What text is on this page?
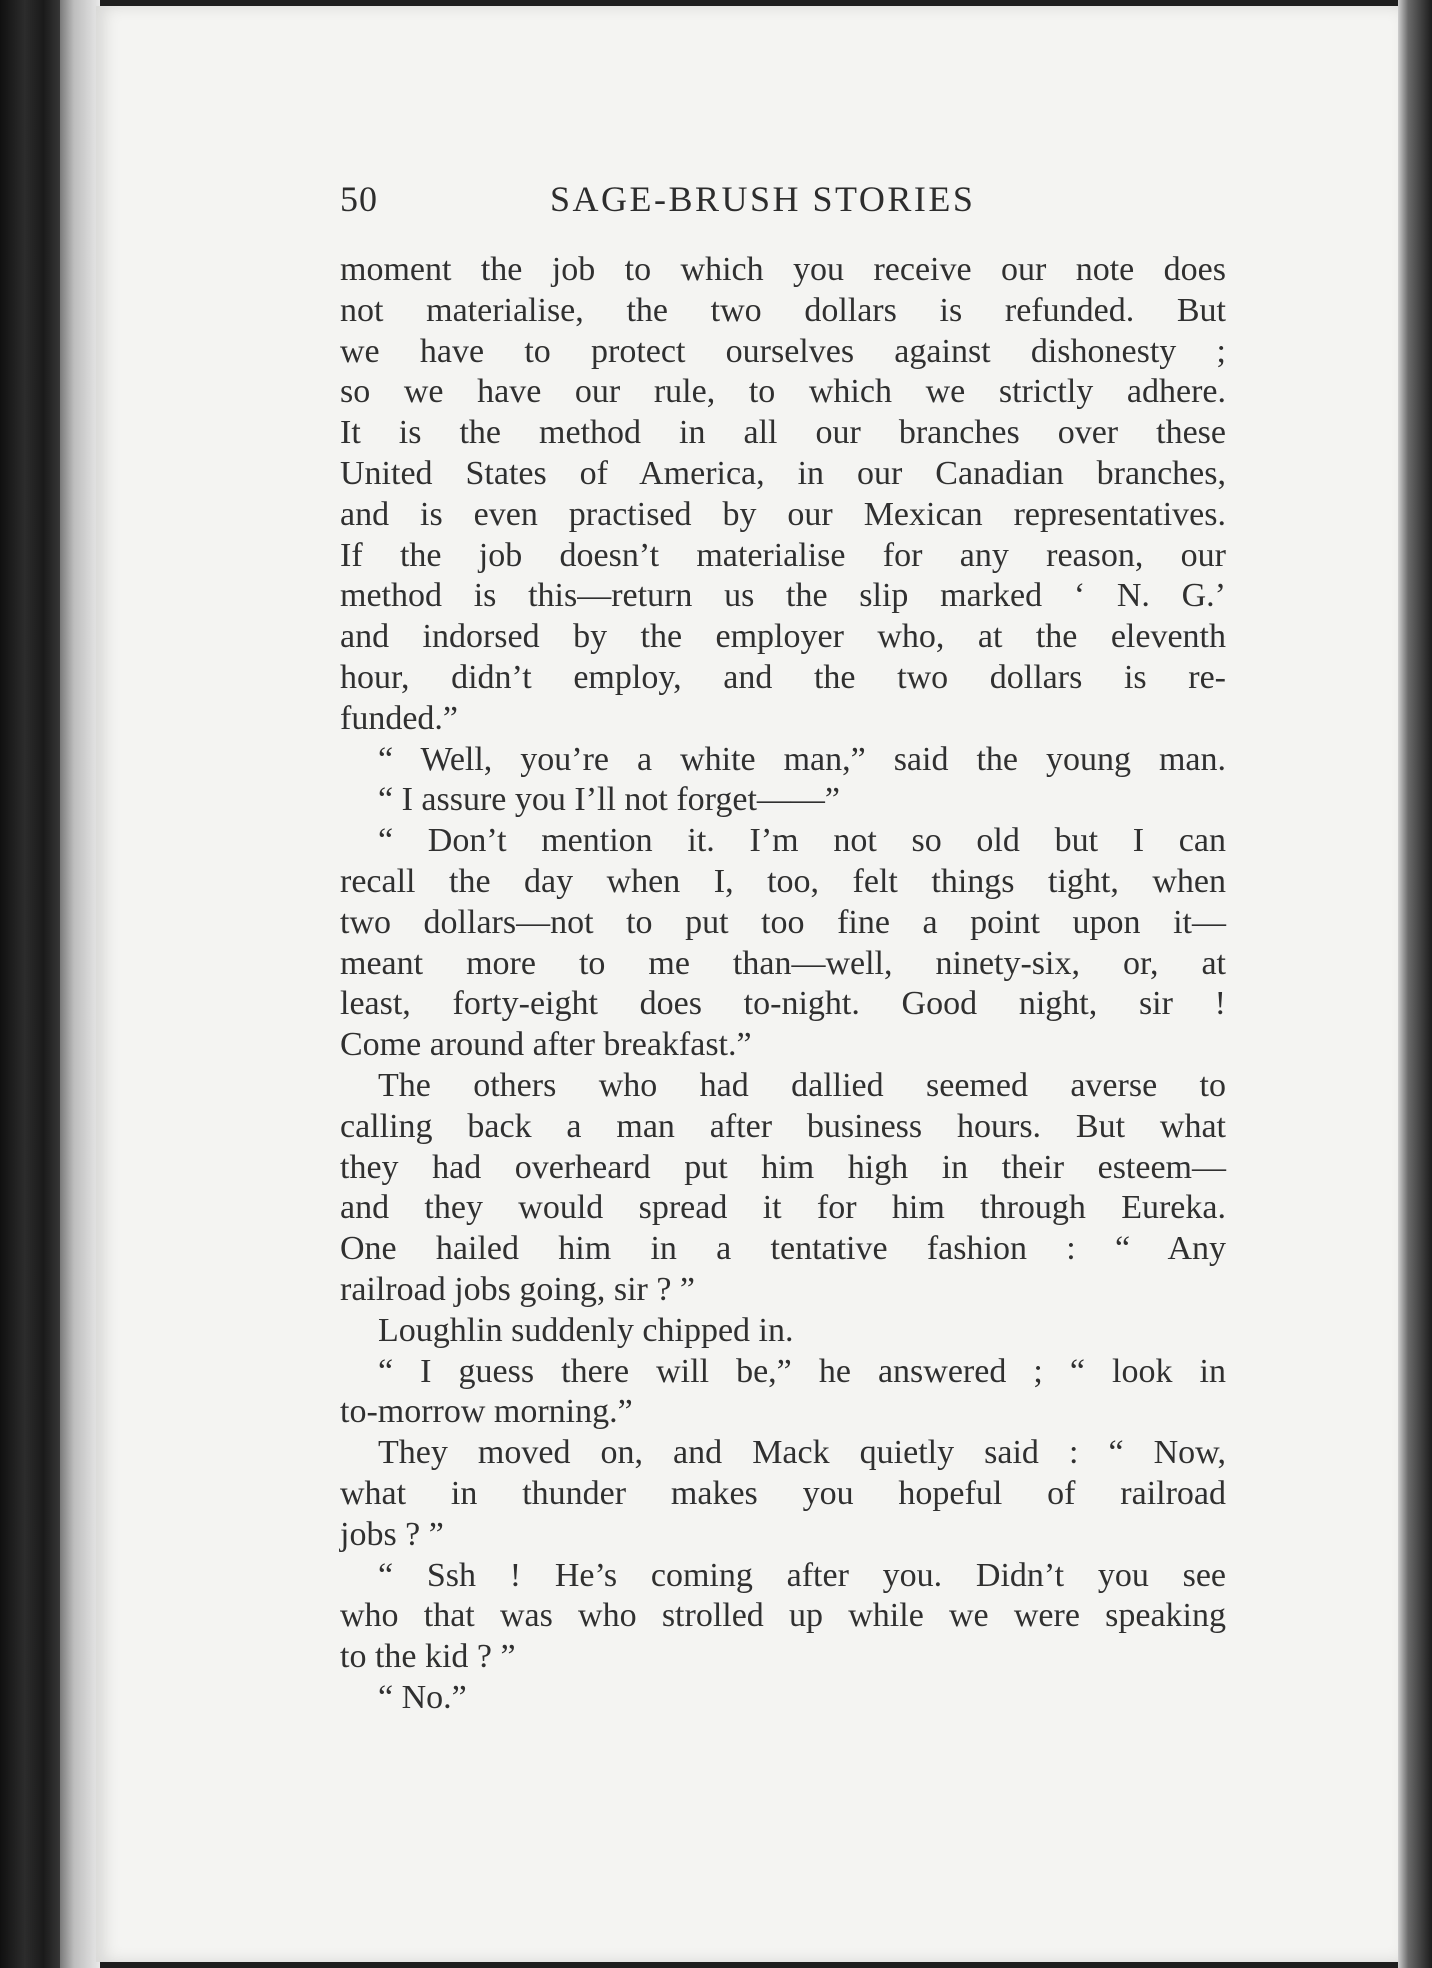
50	SAGE-BRUSH STORIES
moment the job to which you receive our note does
not materialise, the two dollars is refunded. But
we have to protect ourselves against dishonesty ;
so we have our rule, to which we strictly adhere.
It is the method in all our branches over these
United States of America, in our Canadian branches,
and is even practised by our Mexican representatives.
If the job doesn’t materialise for any reason, our
method is this—return us the slip marked ‘ N. G.’
and indorsed by the employer who, at the eleventh
hour, didn’t employ, and the two dollars is re-
funded.”
“ Well, you’re a white man,” said the young man.
“ I assure you I’ll not forget——”
“ Don’t mention it. I’m not so old but I can
recall the day when I, too, felt things tight, when
two dollars—not to put too fine a point upon it—
meant more to me than—well, ninety-six, or, at
least, forty-eight does to-night. Good night, sir !
Come around after breakfast.”
The others who had dallied seemed averse to
calling back a man after business hours. But what
they had overheard put him high in their esteem—
and they would spread it for him through Eureka.
One hailed him in a tentative fashion : “ Any
railroad jobs going, sir ? ”
Loughlin suddenly chipped in.
“ I guess there will be,” he answered ; “ look in
to-morrow morning.”
They moved on, and Mack quietly said : “ Now,
what in thunder makes you hopeful of railroad
jobs ? ”
“ Ssh ! He’s coming after you. Didn’t you see
who that was who strolled up while we were speaking
to the kid ? ”
“ No.”
